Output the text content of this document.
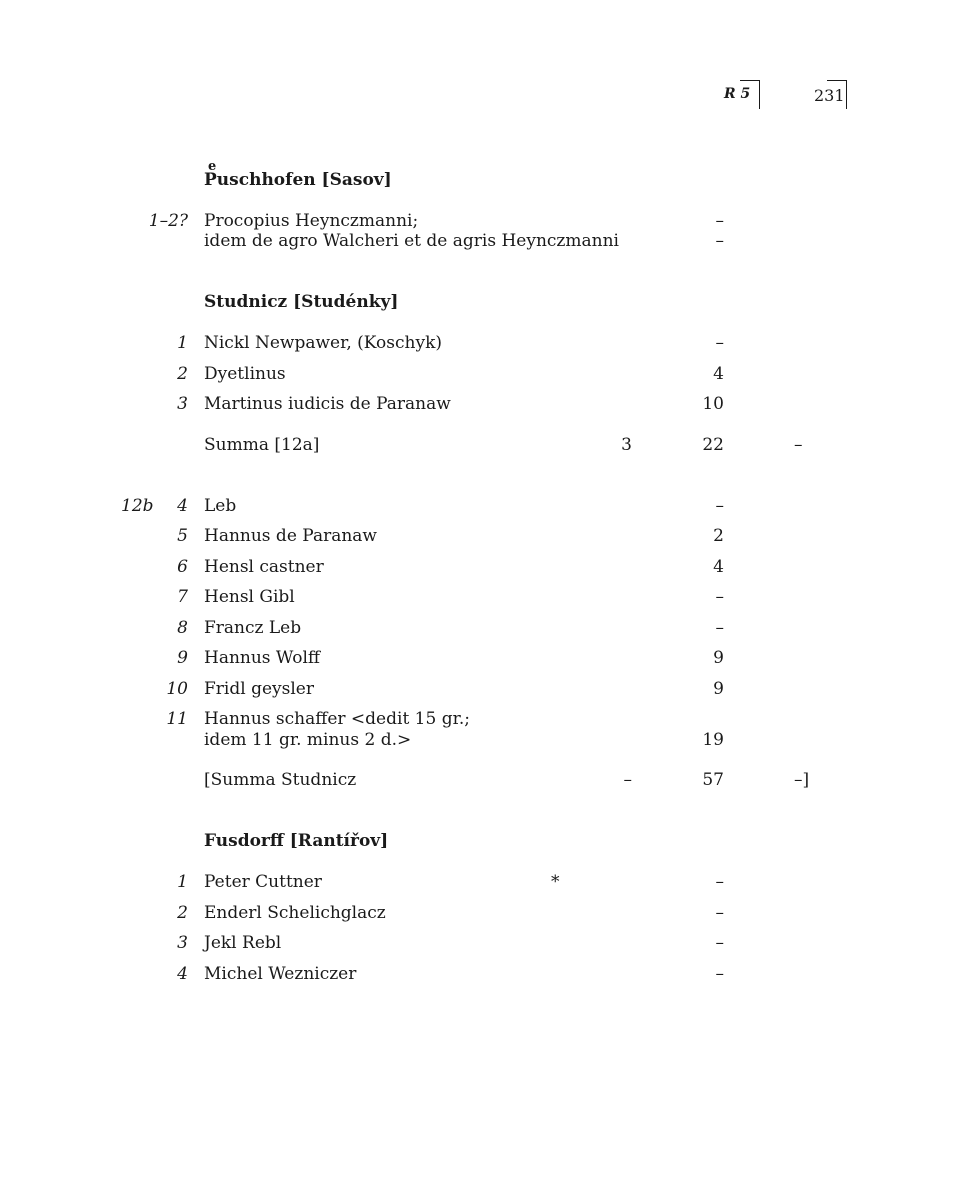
R 5	231
P
e
uschhofen [Sasov]
1–2? Procopius Heynczmanni;	–
idem de agro Walcheri et de agris Heynczmanni	–
Studnicz [Studénky]
1 Nickl Newpawer, (Koschyk)	–
2 Dyetlinus	4
3 Martinus iudicis de Paranaw	10
Summa [12a]	3	22	–
12b 4 Leb	–
5 Hannus de Paranaw	2
6 Hensl castner	4
7 Hensl Gibl	–
8 Francz Leb	–
9 Hannus Wolff	9
10 Fridl geysler	9
11 Hannus schaffer <dedit 15 gr.;
idem 11 gr. minus 2 d.>	19
[Summa Studnicz	–	57	–]
Fusdorff [Rantířov]
1 Peter Cuttner	*	–
2 Enderl Schelichglacz	–
3 Jekl Rebl	–
4 Michel Wezniczer	–
